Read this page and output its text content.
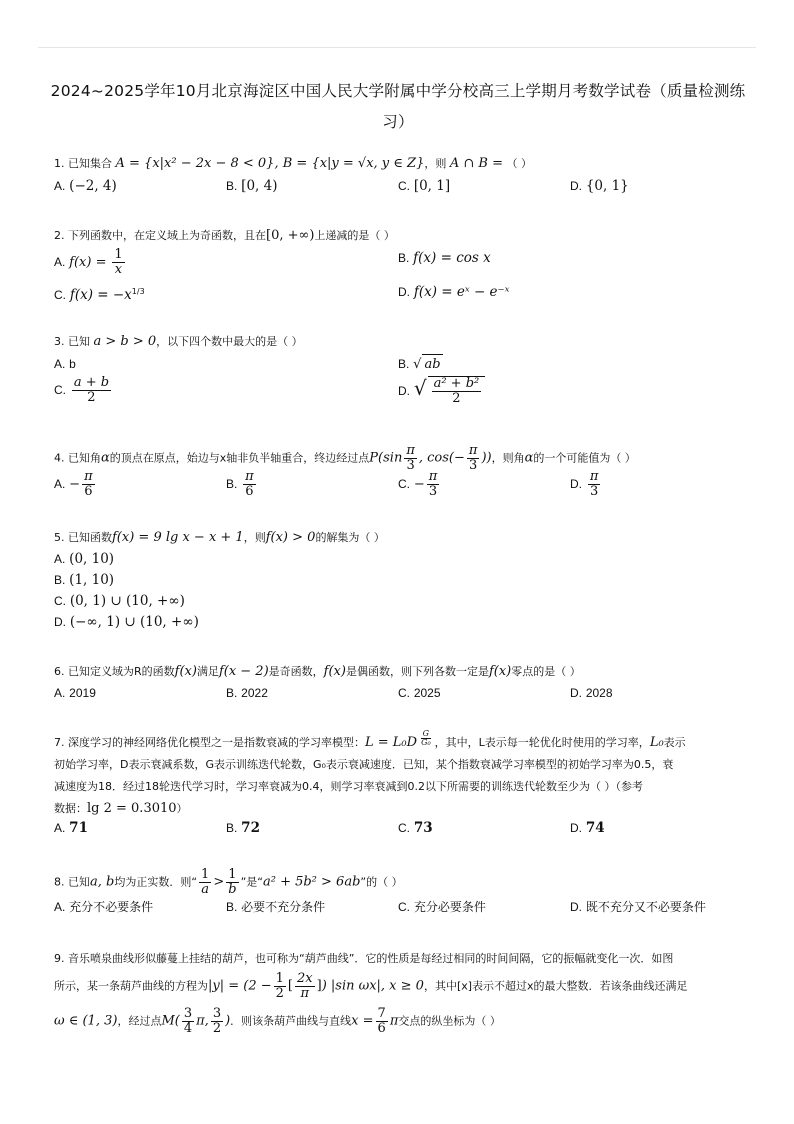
2024~2025学年10月北京海淀区中国人民大学附属中学分校高三上学期月考数学试卷（质量检测练
习）
1. 已知集合 A = {x|x² − 2x − 8 < 0}, B = {x|y = √x, y ∈ Z}，则 A ∩ B = （ ）
A. (−2, 4)	B. [0, 4)	C. [0, 1]	D. {0, 1}
2. 下列函数中，在定义域上为奇函数，且在[0, +∞)上递减的是（ ）
A. $f(x) = \frac{1}{x}$	B. f(x) = cos x
C. $f(x) = -x^{1/3}$	D. f(x) = eˣ − e⁻ˣ
3. 已知 a > b > 0，以下四个数中最大的是（ ）
A. b	B. √ ab
C. $\frac{a + b}{2}$	D. √ $\frac{\text{a² + b²}}{2}$
4. 已知角α的顶点在原点，始边与x轴非负半轴重合，终边经过点$P(\sin \frac{\pi}{3}$ , $\cos(- \frac{\pi}{3}$ ))，则角α的一个可能值为（ ）
A. − $\frac{\pi}{6}$	B. $\frac{\pi}{6}$	C. − $\frac{\pi}{3}$	D. $\frac{\pi}{3}$
5. 已知函数f(x) = 9 lg x − x + 1，则f(x) > 0的解集为（ ）
A. (0, 10)
B. (1, 10)
C. (0, 1) ∪ (10, +∞)
D. (−∞, 1) ∪ (10, +∞)
6. 已知定义域为R的函数f(x)满足f(x − 2)是奇函数，f(x)是偶函数，则下列各数一定是f(x)零点的是（ ）
A. 2019	B. 2022	C. 2025	D. 2028
7. 深度学习的神经网络优化模型之一是指数衰减的学习率模型：L = L₀D $^{\frac{G}{\text{G₀}}}$ ，其中，L表示每一轮优化时使用的学习率，L₀表示
初始学习率，D表示衰减系数，G表示训练迭代轮数，G₀表示衰减速度．已知，某个指数衰减学习率模型的初始学习率为0.5，衰
减速度为18．经过18轮迭代学习时，学习率衰减为0.4，则学习率衰减到0.2以下所需要的训练迭代轮数至少为（ ）（参考
数据：lg 2 = 0.3010）
A. 71	B. 72	C. 73	D. 74
8. 已知a, b均为正实数．则“ $\frac{1}{a} > \frac{1}{b}$ ”是“a² + 5b² > 6ab”的（ ）
A. 充分不必要条件	B. 必要不充分条件	C. 充分必要条件	D. 既不充分又不必要条件
9. 音乐喷泉曲线形似藤蔓上挂结的葫芦，也可称为“葫芦曲线”．它的性质是每经过相同的时间间隔，它的振幅就变化一次．如图
所示，某一条葫芦曲线的方程为$|y| = (2 - \frac{1}{2}$ [ $\frac{2x}{\pi}$ ]) |sin ωx|, x ≥ 0，其中[x]表示不超过x的最大整数．若该条曲线还满足
ω ∈ (1, 3)，经过点$M( \frac{3}{4} \pi$, $\frac{3}{2}$ )．则该条葫芦曲线与直线$x = \frac{7}{6}$ π交点的纵坐标为（ ）
